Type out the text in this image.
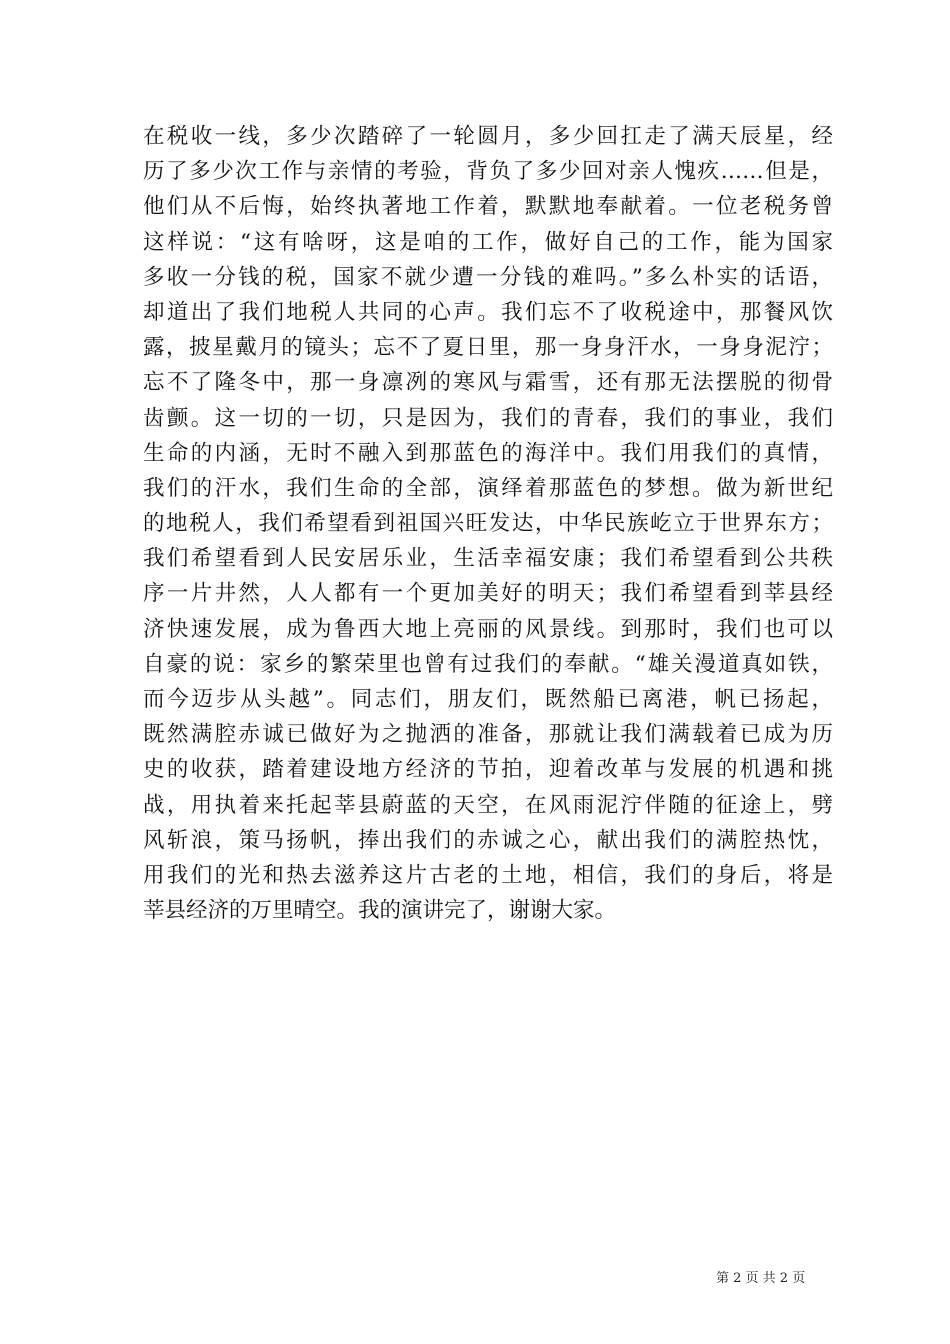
在税收一线，多少次踏碎了一轮圆月，多少回扛走了满天辰星，经
历了多少次工作与亲情的考验，背负了多少回对亲人愧疚……但是，
他们从不后悔，始终执著地工作着，默默地奉献着。一位老税务曾
这样说：“这有啥呀，这是咱的工作，做好自己的工作，能为国家
多收一分钱的税，国家不就少遭一分钱的难吗。”多么朴实的话语，
却道出了我们地税人共同的心声。我们忘不了收税途中，那餐风饮
露，披星戴月的镜头；忘不了夏日里，那一身身汗水，一身身泥泞；
忘不了隆冬中，那一身凛冽的寒风与霜雪，还有那无法摆脱的彻骨
齿颤。这一切的一切，只是因为，我们的青春，我们的事业，我们
生命的内涵，无时不融入到那蓝色的海洋中。我们用我们的真情，
我们的汗水，我们生命的全部，演绎着那蓝色的梦想。做为新世纪
的地税人，我们希望看到祖国兴旺发达，中华民族屹立于世界东方；
我们希望看到人民安居乐业，生活幸福安康；我们希望看到公共秩
序一片井然，人人都有一个更加美好的明天；我们希望看到莘县经
济快速发展，成为鲁西大地上亮丽的风景线。到那时，我们也可以
自豪的说：家乡的繁荣里也曾有过我们的奉献。“雄关漫道真如铁，
而今迈步从头越”。同志们，朋友们，既然船已离港，帆已扬起，
既然满腔赤诚已做好为之抛洒的准备，那就让我们满载着已成为历
史的收获，踏着建设地方经济的节拍，迎着改革与发展的机遇和挑
战，用执着来托起莘县蔚蓝的天空，在风雨泥泞伴随的征途上，劈
风斩浪，策马扬帆，捧出我们的赤诚之心，献出我们的满腔热忱，
用我们的光和热去滋养这片古老的土地，相信，我们的身后，将是
莘县经济的万里晴空。我的演讲完了，谢谢大家。
第 2 页 共 2 页
